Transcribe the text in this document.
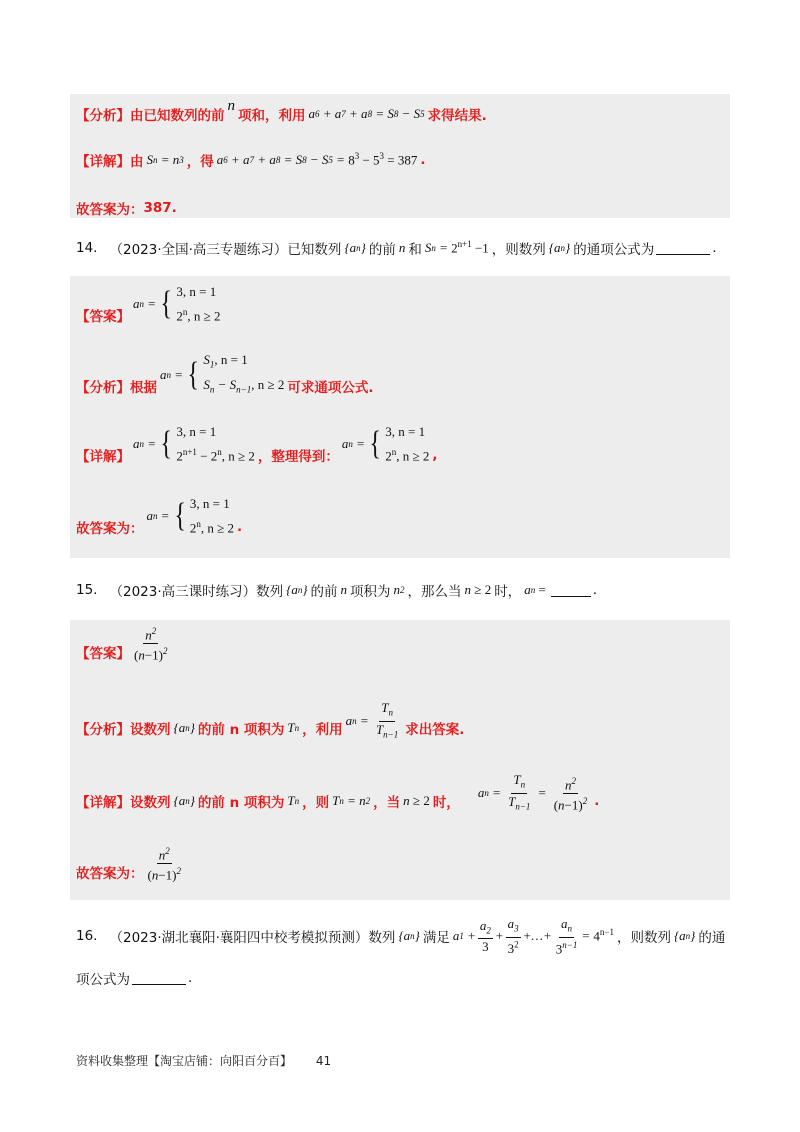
【分析】 由已知数列的前
n
项和，利用 a 6 + a 7 + a 8 = S 8 − S 5 求得结果.
【详解】 由 S n = n 3 ，得 a 6 + a 7 + a 8 = S 8 − S $5 = 8^3 - 5^3 = 387$ .
故答案为： 387.
14. （2023·全国·高三专题练习） 已知数列 {a n } 的前 n 和 S $n = 2^{n+1} -1$ ，则数列 {a n } 的通项公式为	.
【答案】
a n = { 3, n = 1
2$^n$, n ≥ 2
【分析】 根据
a n = { $S_1$, n = 1
$S_n - S_{n-1}$, n ≥ 2 可求通项公式.
【详解】
a n = { 3, n = 1
$2^{n+1} - 2^n$, n ≥ 2 ，整理得到：
a n = { 3, n = 1
2$^n$, n ≥ 2 ,
故答案为：
a n = { 3, n = 1
2$^n$, n ≥ 2 .
15. （2023·高三课时练习） 数列 {a n } 的前 n 项积为 n 2 ，那么当 n ≥ 2 时， a n
=	.
【答案】 $\frac{n^2}{(n-1)^2}$
【分析】 设数列 {a n } 的前 n 项积为 T n ，利用
a $n = \frac{T_n}{T_{n-1}}$ 求出答案.
【详解】 设数列 {a n } 的前 n 项积为 T n ，则 T n = n 2 ，当 n ≥ 2 时，
a $n = \frac{T_n}{T_{n-1}} = \frac{n^2}{(n-1)^2}$ .
故答案为： $\frac{n^2}{(n-1)^2}$
16. （2023·湖北襄阳·襄阳四中校考模拟预测） 数列 {a n } 满足 a $1 + \frac{a_2}{3} + \frac{a_3}{3^2}$ +…+ $\frac{a_n}{3^{n-1}} = 4^{n-1}$ ，则数列 {a n } 的通
项公式为	.
资料收集整理【淘宝店铺：向阳百分百】 41
